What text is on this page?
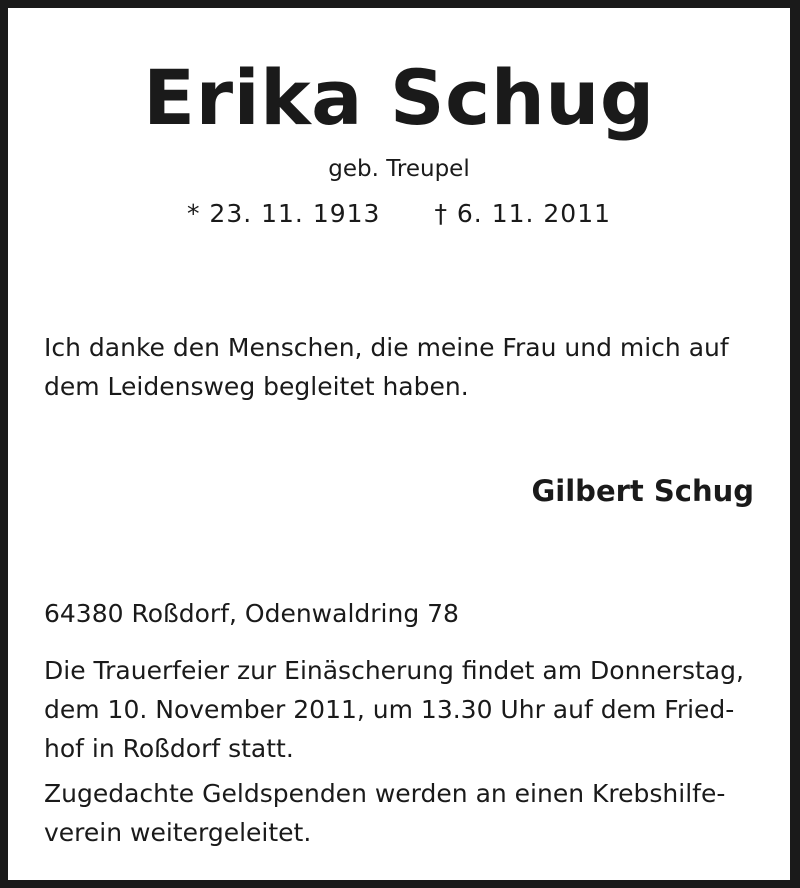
Erika Schug
geb. Treupel
* 23. 11. 1913 † 6. 11. 2011

Ich danke den Menschen, die meine Frau und mich auf
dem Leidensweg begleitet haben.

Gilbert Schug

64380 Roßdorf, Odenwaldring 78

Die Trauerfeier zur Einäscherung findet am Donnerstag,
dem 10. November 2011, um 13.30 Uhr auf dem Fried-
hof in Roßdorf statt.

Zugedachte Geldspenden werden an einen Krebshilfe-
verein weitergeleitet.
